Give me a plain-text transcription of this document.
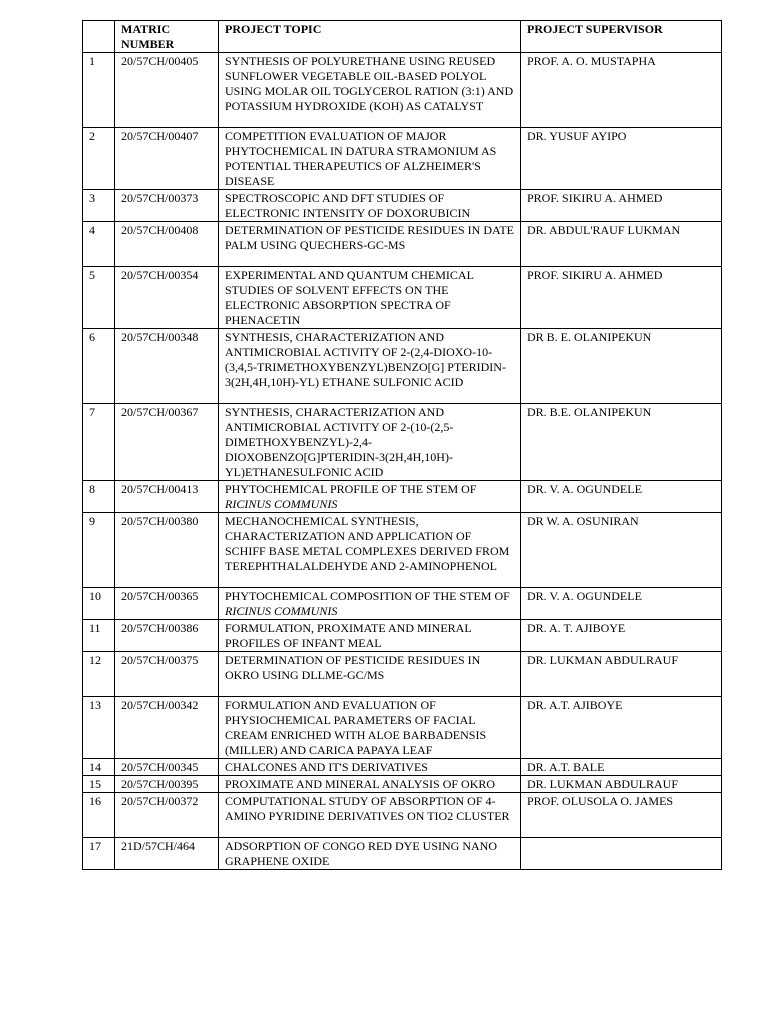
	MATRIC NUMBER	PROJECT TOPIC	PROJECT SUPERVISOR
1	20/57CH/00405	SYNTHESIS OF POLYURETHANE USING REUSED SUNFLOWER VEGETABLE OIL-BASED POLYOL USING MOLAR OIL TOGLYCEROL RATION (3:1) AND POTASSIUM HYDROXIDE (KOH) AS CATALYST	PROF. A. O. MUSTAPHA
2	20/57CH/00407	COMPETITION EVALUATION OF MAJOR PHYTOCHEMICAL IN DATURA STRAMONIUM AS POTENTIAL THERAPEUTICS OF ALZHEIMER'S DISEASE	DR. YUSUF AYIPO
3	20/57CH/00373	SPECTROSCOPIC AND DFT STUDIES OF ELECTRONIC INTENSITY OF DOXORUBICIN	PROF. SIKIRU A. AHMED
4	20/57CH/00408	DETERMINATION OF PESTICIDE RESIDUES IN DATE PALM USING QUECHERS-GC-MS	DR. ABDUL'RAUF LUKMAN
5	20/57CH/00354	EXPERIMENTAL AND QUANTUM CHEMICAL STUDIES OF SOLVENT EFFECTS ON THE ELECTRONIC ABSORPTION SPECTRA OF PHENACETIN	PROF. SIKIRU A. AHMED
6	20/57CH/00348	SYNTHESIS, CHARACTERIZATION AND ANTIMICROBIAL ACTIVITY OF 2-(2,4-DIOXO-10-(3,4,5-TRIMETHOXYBENZYL)BENZO[G] PTERIDIN-3(2H,4H,10H)-YL) ETHANE SULFONIC ACID	DR B. E. OLANIPEKUN
7	20/57CH/00367	SYNTHESIS, CHARACTERIZATION AND ANTIMICROBIAL ACTIVITY OF 2-(10-(2,5-DIMETHOXYBENZYL)-2,4-DIOXOBENZO[G]PTERIDIN-3(2H,4H,10H)-YL)ETHANESULFONIC ACID	DR. B.E. OLANIPEKUN
8	20/57CH/00413	PHYTOCHEMICAL PROFILE OF THE STEM OF RICINUS COMMUNIS	DR. V. A. OGUNDELE
9	20/57CH/00380	MECHANOCHEMICAL SYNTHESIS, CHARACTERIZATION AND APPLICATION OF SCHIFF BASE METAL COMPLEXES DERIVED FROM TEREPHTHALALDEHYDE AND 2-AMINOPHENOL	DR W. A. OSUNIRAN
10	20/57CH/00365	PHYTOCHEMICAL COMPOSITION OF THE STEM OF RICINUS COMMUNIS	DR. V. A. OGUNDELE
11	20/57CH/00386	FORMULATION, PROXIMATE AND MINERAL PROFILES OF INFANT MEAL	DR. A. T. AJIBOYE
12	20/57CH/00375	DETERMINATION OF PESTICIDE RESIDUES IN OKRO USING DLLME-GC/MS	DR. LUKMAN ABDULRAUF
13	20/57CH/00342	FORMULATION AND EVALUATION OF PHYSIOCHEMICAL PARAMETERS OF FACIAL CREAM ENRICHED WITH ALOE BARBADENSIS (MILLER) AND CARICA PAPAYA LEAF	DR. A.T. AJIBOYE
14	20/57CH/00345	CHALCONES AND IT'S DERIVATIVES	DR. A.T. BALE
15	20/57CH/00395	PROXIMATE AND MINERAL ANALYSIS OF OKRO	DR. LUKMAN ABDULRAUF
16	20/57CH/00372	COMPUTATIONAL STUDY OF ABSORPTION OF 4-AMINO PYRIDINE DERIVATIVES ON TIO2 CLUSTER	PROF. OLUSOLA O. JAMES
17	21D/57CH/464	ADSORPTION OF CONGO RED DYE USING NANO GRAPHENE OXIDE	
